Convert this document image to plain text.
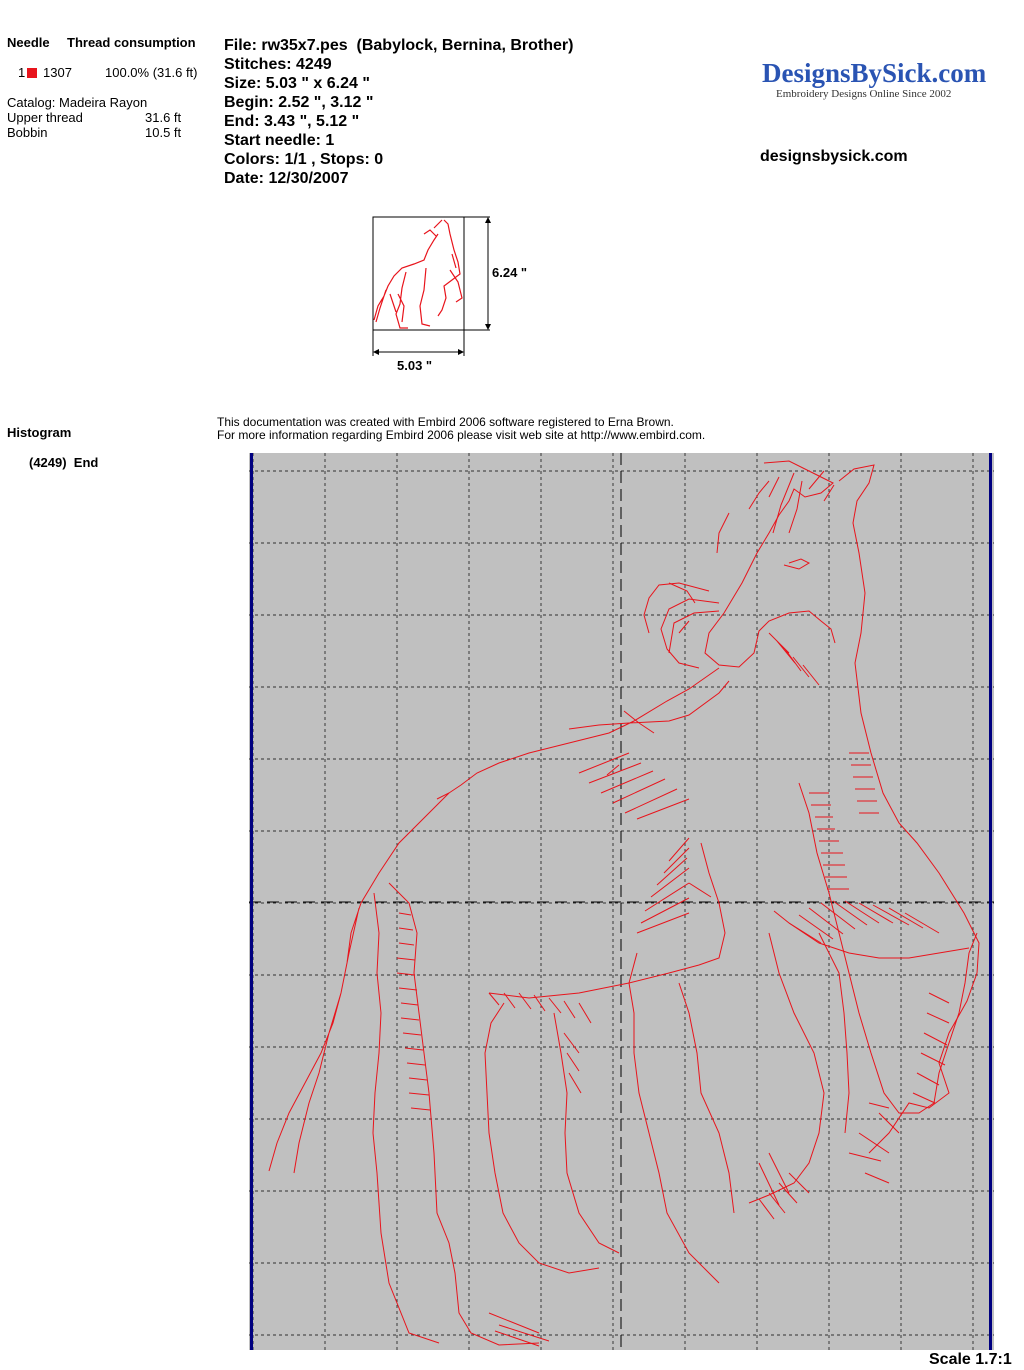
Needle Thread consumption
1	1307	100.0% (31.6 ft)
Catalog: Madeira Rayon
Upper thread	31.6 ft
Bobbin	10.5 ft
File: rw35x7.pes  (Babylock, Bernina, Brother)
Stitches: 4249
Size: 5.03 " x 6.24 "
Begin: 2.52 ", 3.12 "
End: 3.43 ", 5.12 "
Start needle: 1
Colors: 1/1 , Stops: 0
Date: 12/30/2007
DesignsBySick.com
Embroidery Designs Online Since 2002
designsbysick.com
6.24 "
5.03 "
Histogram
(4249)  End
This documentation was created with Embird 2006 software registered to Erna Brown.
For more information regarding Embird 2006 please visit web site at http://www.embird.com.
Scale 1.7:1
